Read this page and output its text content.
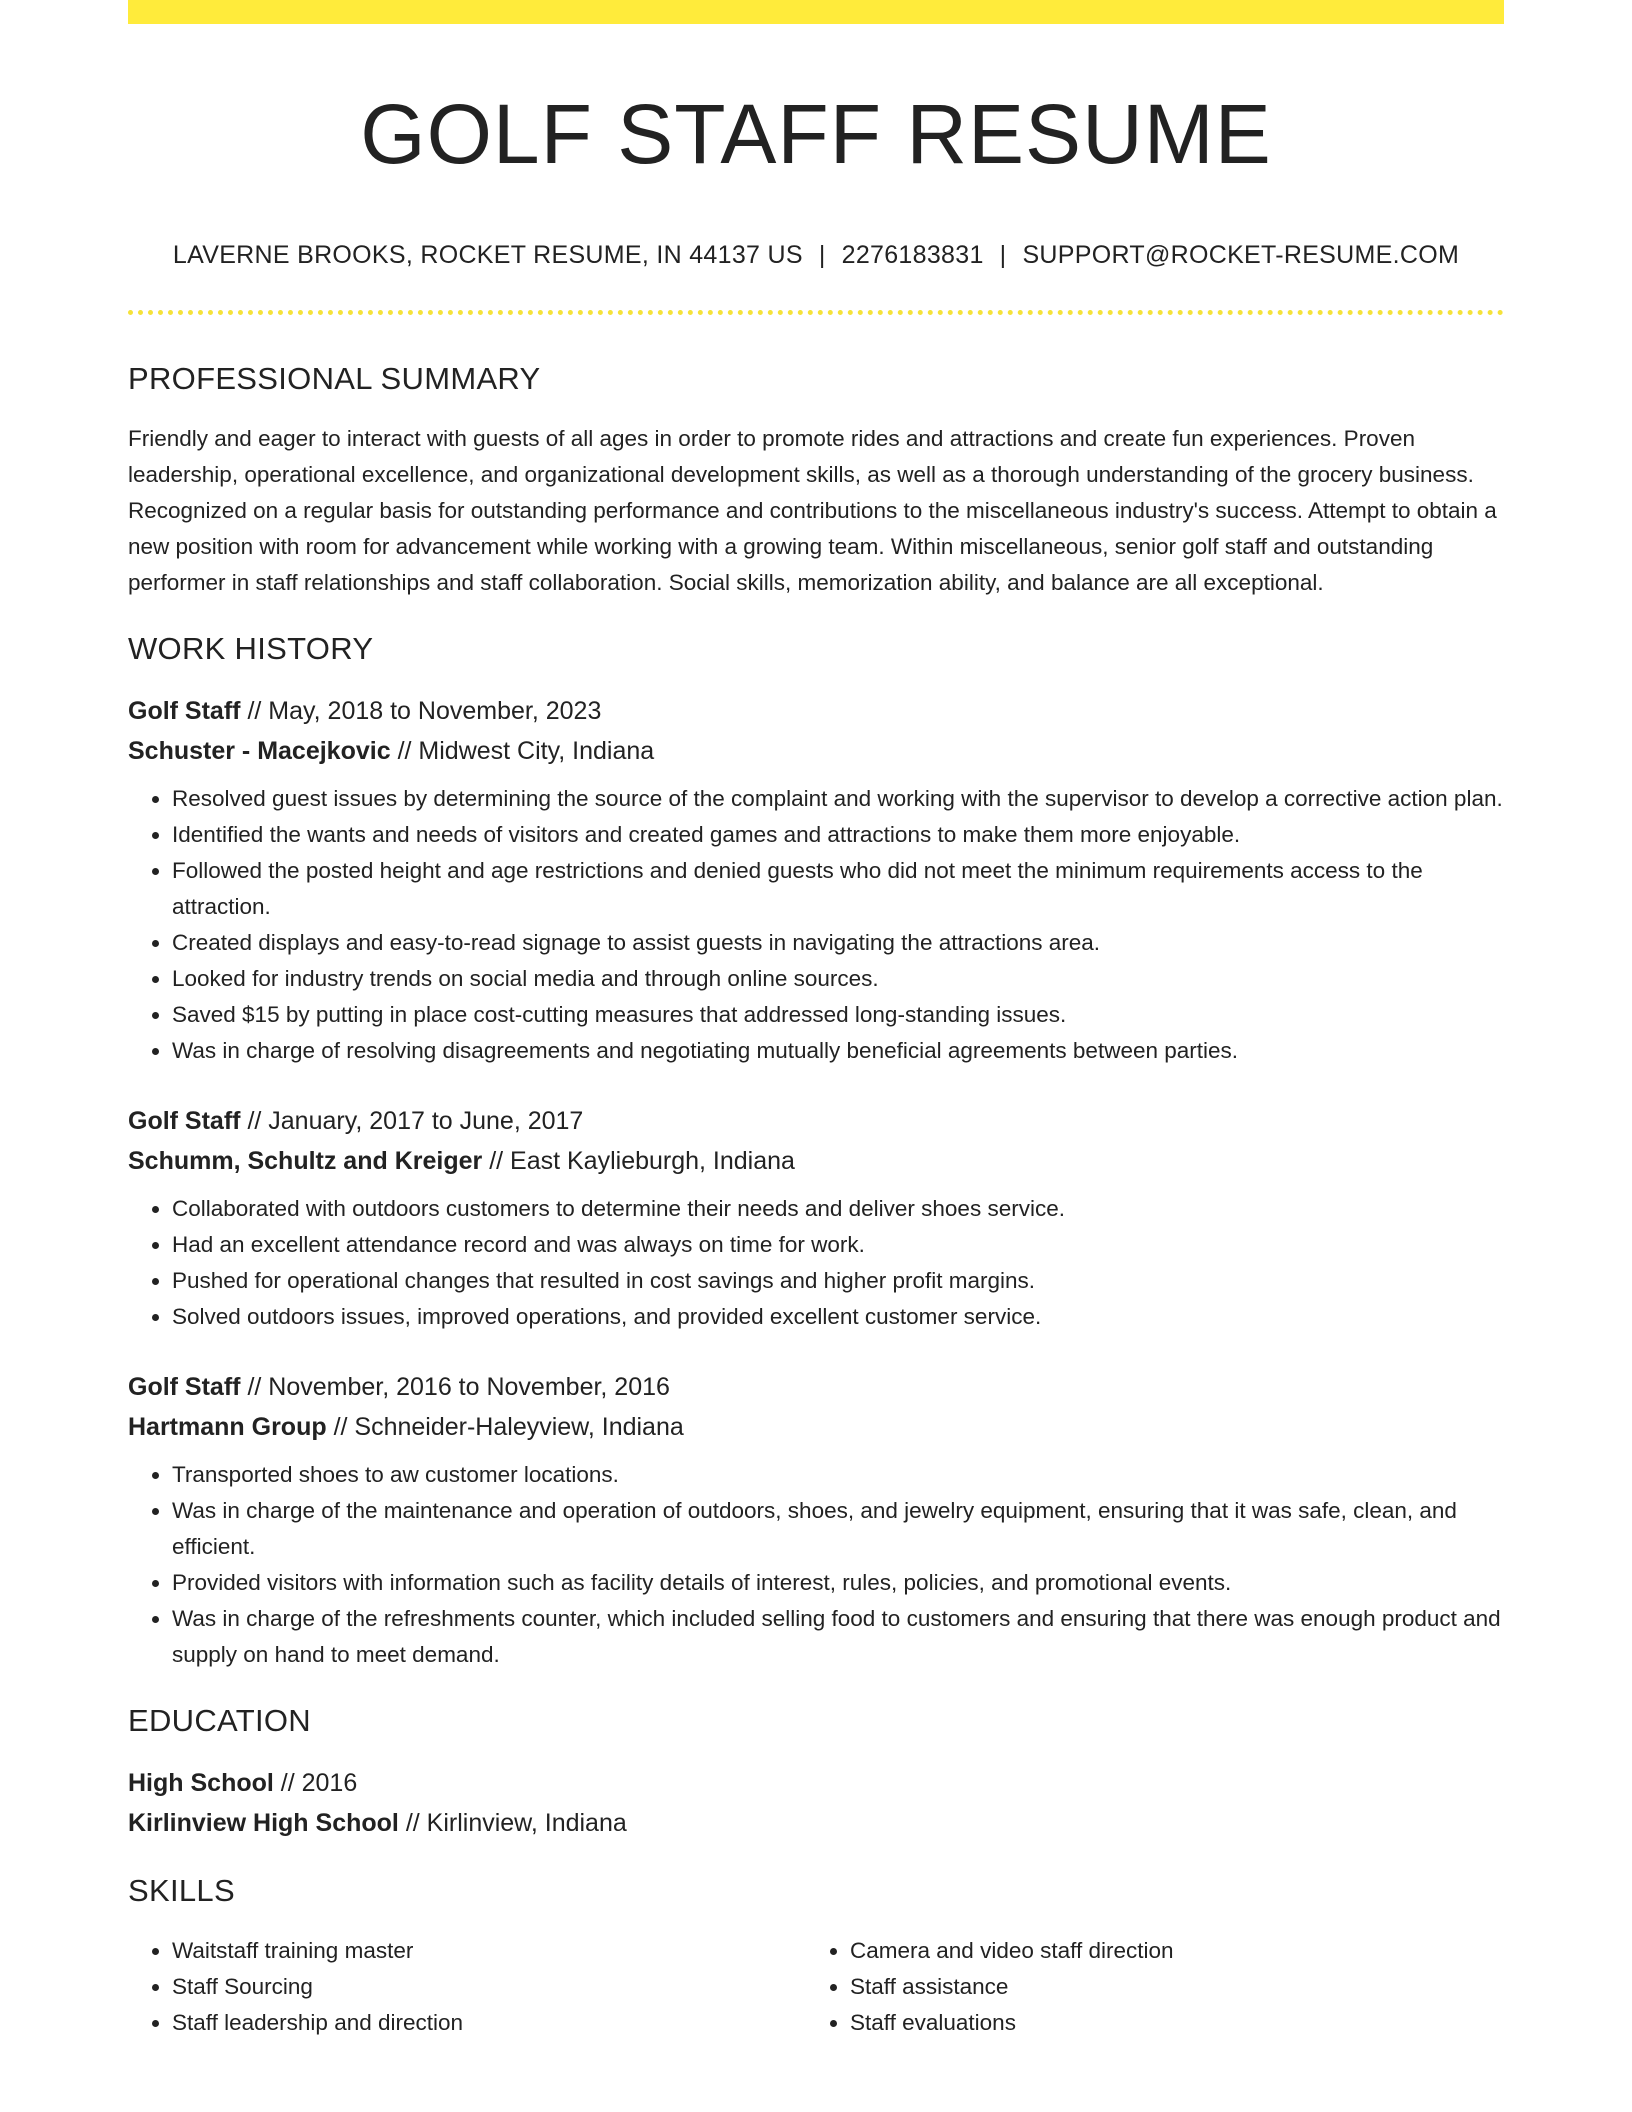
GOLF STAFF RESUME
LAVERNE BROOKS, ROCKET RESUME, IN 44137 US | 2276183831 | SUPPORT@ROCKET-RESUME.COM
PROFESSIONAL SUMMARY
Friendly and eager to interact with guests of all ages in order to promote rides and attractions and create fun experiences. Proven leadership, operational excellence, and organizational development skills, as well as a thorough understanding of the grocery business. Recognized on a regular basis for outstanding performance and contributions to the miscellaneous industry's success. Attempt to obtain a new position with room for advancement while working with a growing team. Within miscellaneous, senior golf staff and outstanding performer in staff relationships and staff collaboration. Social skills, memorization ability, and balance are all exceptional.
WORK HISTORY
Golf Staff // May, 2018 to November, 2023
Schuster - Macejkovic // Midwest City, Indiana
• Resolved guest issues by determining the source of the complaint and working with the supervisor to develop a corrective action plan.
• Identified the wants and needs of visitors and created games and attractions to make them more enjoyable.
• Followed the posted height and age restrictions and denied guests who did not meet the minimum requirements access to the attraction.
• Created displays and easy-to-read signage to assist guests in navigating the attractions area.
• Looked for industry trends on social media and through online sources.
• Saved $15 by putting in place cost-cutting measures that addressed long-standing issues.
• Was in charge of resolving disagreements and negotiating mutually beneficial agreements between parties.
Golf Staff // January, 2017 to June, 2017
Schumm, Schultz and Kreiger // East Kaylieburgh, Indiana
• Collaborated with outdoors customers to determine their needs and deliver shoes service.
• Had an excellent attendance record and was always on time for work.
• Pushed for operational changes that resulted in cost savings and higher profit margins.
• Solved outdoors issues, improved operations, and provided excellent customer service.
Golf Staff // November, 2016 to November, 2016
Hartmann Group // Schneider-Haleyview, Indiana
• Transported shoes to aw customer locations.
• Was in charge of the maintenance and operation of outdoors, shoes, and jewelry equipment, ensuring that it was safe, clean, and efficient.
• Provided visitors with information such as facility details of interest, rules, policies, and promotional events.
• Was in charge of the refreshments counter, which included selling food to customers and ensuring that there was enough product and supply on hand to meet demand.
EDUCATION
High School // 2016
Kirlinview High School // Kirlinview, Indiana
SKILLS
• Waitstaff training master
• Staff Sourcing
• Staff leadership and direction
• Camera and video staff direction
• Staff assistance
• Staff evaluations
